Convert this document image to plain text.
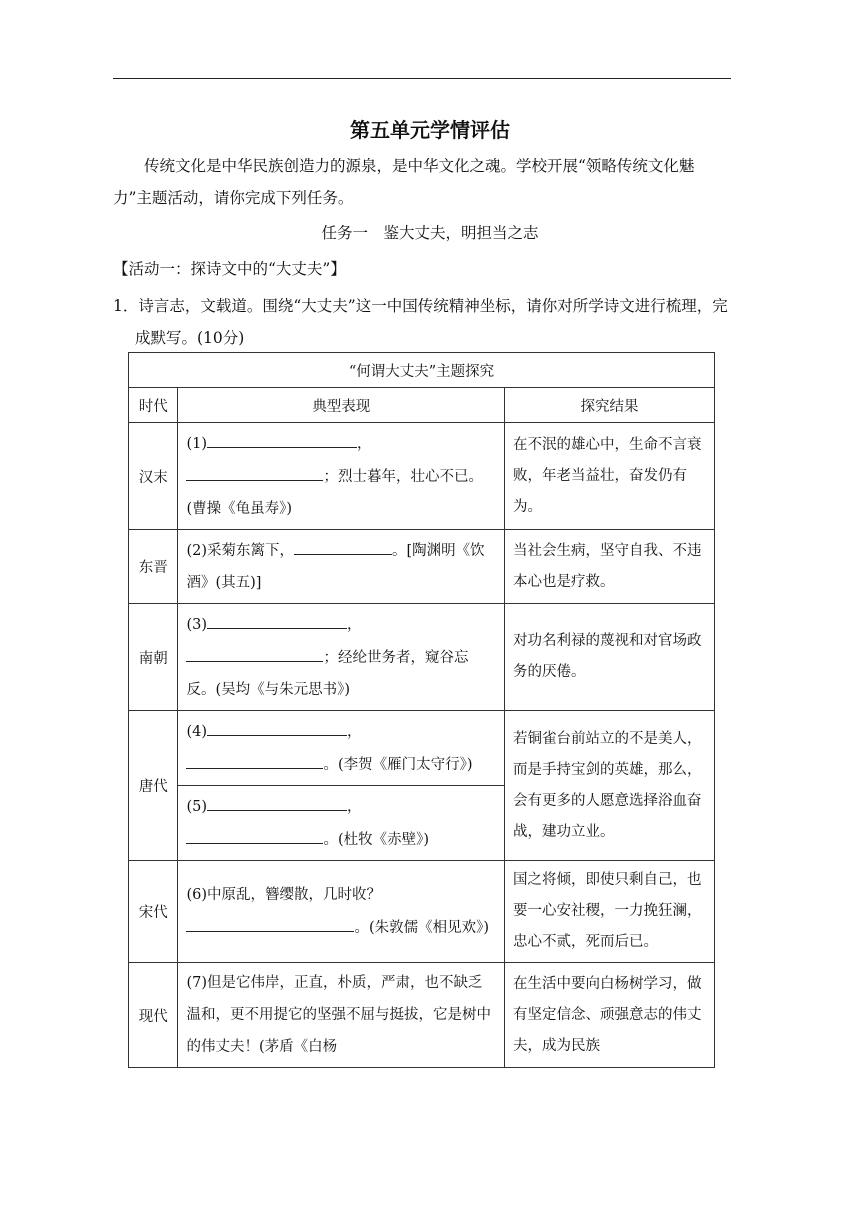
第五单元学情评估

传统文化是中华民族创造力的源泉，是中华文化之魂。学校开展“领略传统文化魅力”主题活动，请你完成下列任务。

任务一　鉴大丈夫，明担当之志

【活动一：探诗文中的“大丈夫”】

1．诗言志，文载道。围绕“大丈夫”这一中国传统精神坐标，请你对所学诗文进行梳理，完成默写。(10分)

“何谓大丈夫”主题探究		
时代	典型表现	探究结果
汉末	(1) ，
；烈士暮年，壮心不已。(曹操《龟虽寿》)	在不泯的雄心中，生命不言衰败，年老当益壮，奋发仍有为。
东晋	(2)采菊东篱下， 。[陶渊明《饮酒》(其五)]	当社会生病，坚守自我、不违本心也是疗救。
南朝	(3) ，
；经纶世务者，窥谷忘反。(吴均《与朱元思书》)	对功名利禄的蔑视和对官场政务的厌倦。
唐代	(4) ，
。(李贺《雁门太守行》)	若铜雀台前站立的不是美人，而是手持宝剑的英雄，那么，会有更多的人愿意选择浴血奋战，建功立业。
	(5) ，
。(杜牧《赤壁》)	
宋代	(6)中原乱，簪缨散，几时收？
。(朱敦儒《相见欢》)	国之将倾，即使只剩自己，也要一心安社稷，一力挽狂澜，忠心不贰，死而后已。
现代	(7)但是它伟岸，正直，朴质，严肃，也不缺乏温和，更不用提它的坚强不屈与挺拔，它是树中的伟丈夫！(茅盾《白杨	在生活中要向白杨树学习，做有坚定信念、顽强意志的伟丈夫，成为民族
